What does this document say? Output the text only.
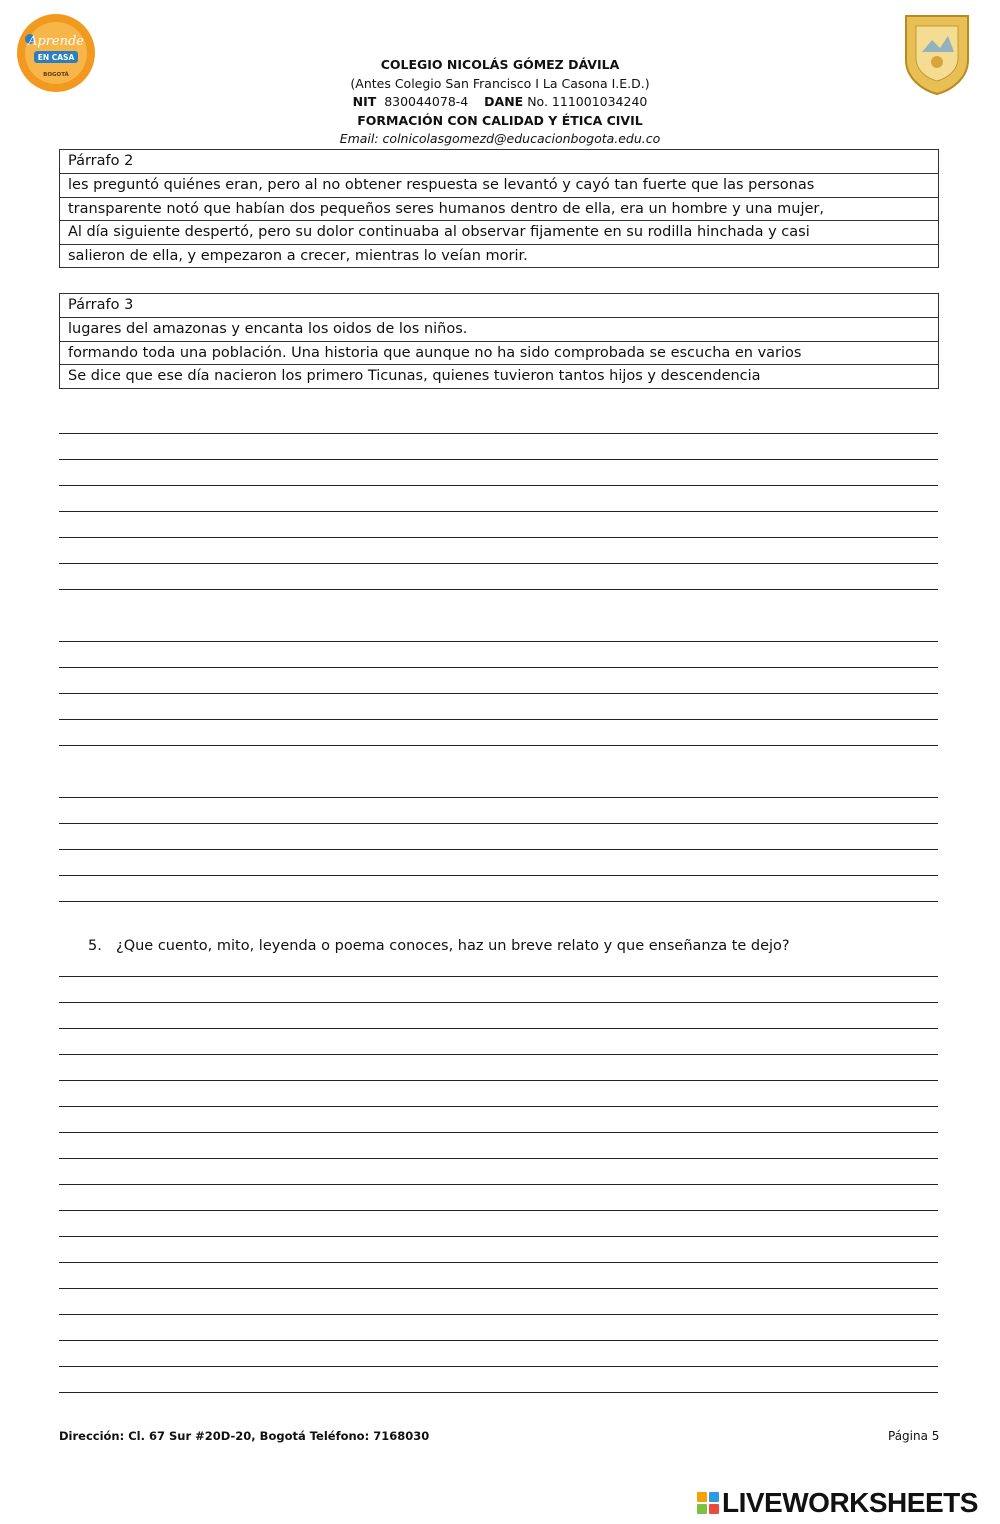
Aprende
EN CASA
BOGOTÁ
COLEGIO NICOLÁS GÓMEZ DÁVILA
(Antes Colegio San Francisco I La Casona I.E.D.)
NIT 830044078-4 DANE No. 111001034240
FORMACIÓN CON CALIDAD Y ÉTICA CIVIL
Email: colnicolasgomezd@educacionbogota.edu.co
Párrafo 2
les preguntó quiénes eran, pero al no obtener respuesta se levantó y cayó tan fuerte que las personas
transparente notó que habían dos pequeños seres humanos dentro de ella, era un hombre y una mujer,
Al día siguiente despertó, pero su dolor continuaba al observar fijamente en su rodilla hinchada y casi
salieron de ella, y empezaron a crecer, mientras lo veían morir.
Párrafo 3
lugares del amazonas y encanta los oidos de los niños.
formando toda una población. Una historia que aunque no ha sido comprobada se escucha en varios
Se dice que ese día nacieron los primero Ticunas, quienes tuvieron tantos hijos y descendencia
5. ¿Que cuento, mito, leyenda o poema conoces, haz un breve relato y que enseñanza te dejo?
Dirección: Cl. 67 Sur #20D-20, Bogotá Teléfono: 7168030	Página 5
LIVEWORKSHEETS
